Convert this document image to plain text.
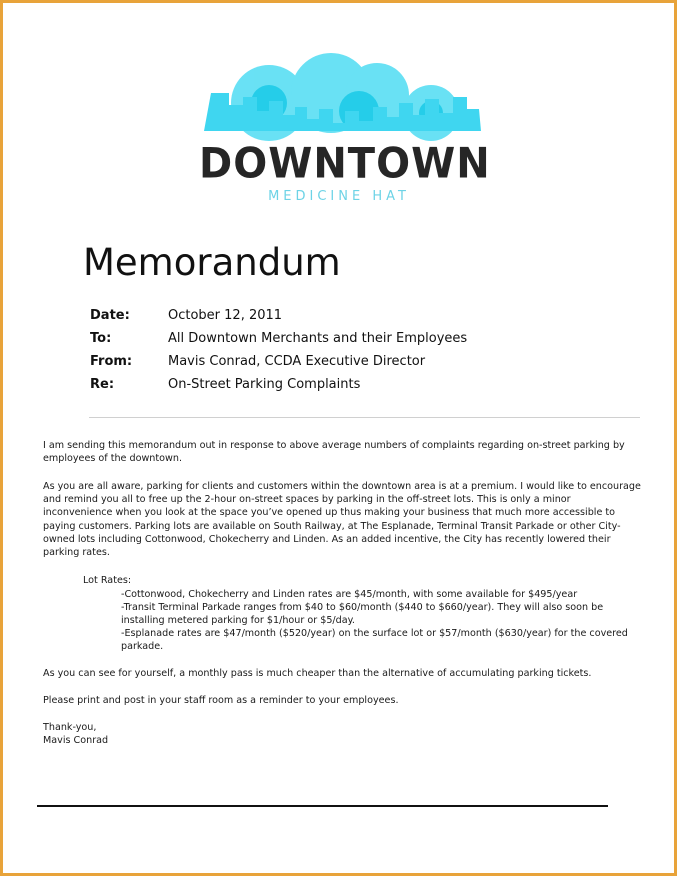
DOWNTOWN
MEDICINE HAT
Memorandum
Date:	October 12, 2011
To:	All Downtown Merchants and their Employees
From:	Mavis Conrad, CCDA Executive Director
Re:	On-Street Parking Complaints

I am sending this memorandum out in response to above average numbers of complaints regarding on-street parking by employees of the downtown.

As you are all aware, parking for clients and customers within the downtown area is at a premium. I would like to encourage and remind you all to free up the 2-hour on-street spaces by parking in the off-street lots. This is only a minor inconvenience when you look at the space you’ve opened up thus making your business that much more accessible to paying customers. Parking lots are available on South Railway, at The Esplanade, Terminal Transit Parkade or other City-owned lots including Cottonwood, Chokecherry and Linden. As an added incentive, the City has recently lowered their parking rates.

Lot Rates:

-Cottonwood, Chokecherry and Linden rates are $45/month, with some available for $495/year

-Transit Terminal Parkade ranges from $40 to $60/month ($440 to $660/year). They will also soon be installing metered parking for $1/hour or $5/day.

-Esplanade rates are $47/month ($520/year) on the surface lot or $57/month ($630/year) for the covered parkade.

As you can see for yourself, a monthly pass is much cheaper than the alternative of accumulating parking tickets.

Please print and post in your staff room as a reminder to your employees.

Thank-you,

Mavis Conrad
